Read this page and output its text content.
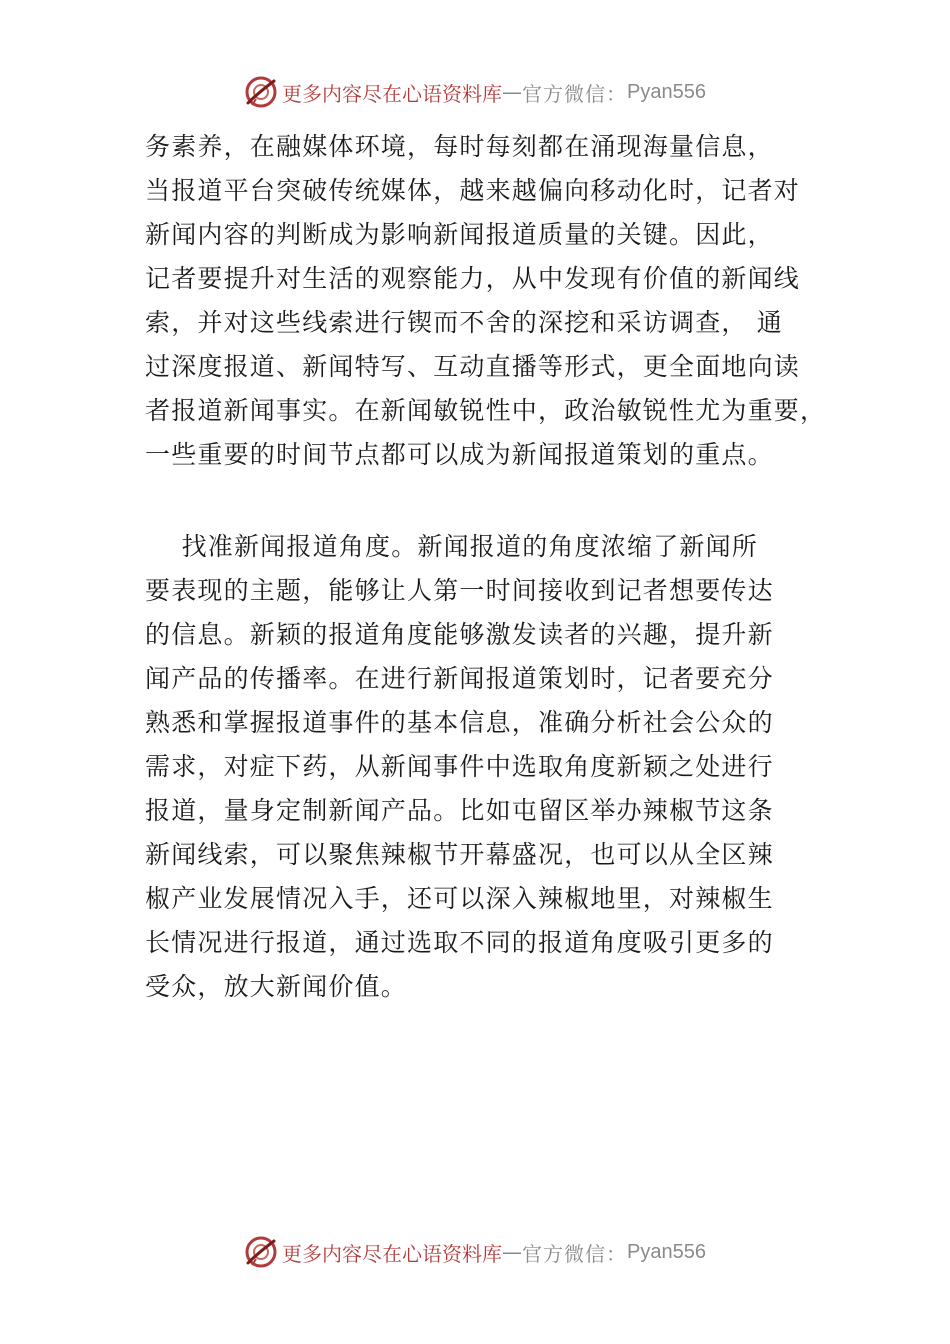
更多内容尽在心语资料库 — 官方微信： Pyan556
务素养，在融媒体环境，每时每刻都在涌现海量信息，
当报道平台突破传统媒体，越来越偏向移动化时，记者对
新闻内容的判断成为影响新闻报道质量的关键。因此，
记者要提升对生活的观察能力，从中发现有价值的新闻线
索，并对这些线索进行锲而不舍的深挖和采访调查， 通
过深度报道、新闻特写、互动直播等形式，更全面地向读
者报道新闻事实。在新闻敏锐性中，政治敏锐性尤为重要，
一些重要的时间节点都可以成为新闻报道策划的重点。
找准新闻报道角度。新闻报道的角度浓缩了新闻所
要表现的主题，能够让人第一时间接收到记者想要传达
的信息。新颖的报道角度能够激发读者的兴趣，提升新
闻产品的传播率。在进行新闻报道策划时，记者要充分
熟悉和掌握报道事件的基本信息，准确分析社会公众的
需求，对症下药，从新闻事件中选取角度新颖之处进行
报道，量身定制新闻产品。比如屯留区举办辣椒节这条
新闻线索，可以聚焦辣椒节开幕盛况，也可以从全区辣
椒产业发展情况入手，还可以深入辣椒地里，对辣椒生
长情况进行报道，通过选取不同的报道角度吸引更多的
受众，放大新闻价值。
更多内容尽在心语资料库 — 官方微信： Pyan556
